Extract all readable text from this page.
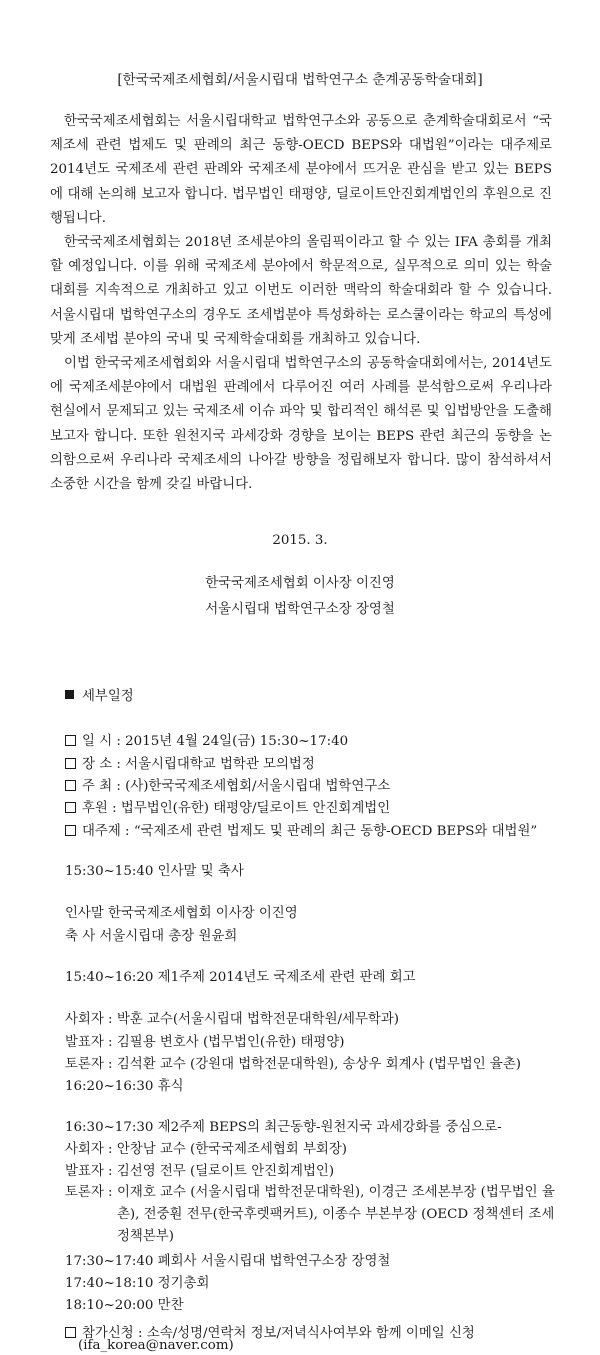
[한국국제조세협회/서울시립대 법학연구소 춘계공동학술대회]

한국국제조세협회는 서울시립대학교 법학연구소와 공동으로 춘계학술대회로서 “국제조세 관련 법제도 및 판례의 최근 동향-OECD BEPS와 대법원”이라는 대주제로 2014년도 국제조세 관련 판례와 국제조세 분야에서 뜨거운 관심을 받고 있는 BEPS에 대해 논의해 보고자 합니다. 법무법인 태평양, 딜로이트안진회계법인의 후원으로 진행됩니다.

한국국제조세협회는 2018년 조세분야의 올림픽이라고 할 수 있는 IFA 총회를 개최할 예정입니다. 이를 위해 국제조세 분야에서 학문적으로, 실무적으로 의미 있는 학술대회를 지속적으로 개최하고 있고 이번도 이러한 맥락의 학술대회라 할 수 있습니다. 서울시립대 법학연구소의 경우도 조세법분야 특성화하는 로스쿨이라는 학교의 특성에 맞게 조세법 분야의 국내 및 국제학술대회를 개최하고 있습니다.

이법 한국국제조세협회와 서울시립대 법학연구소의 공동학술대회에서는, 2014년도에 국제조세분야에서 대법원 판례에서 다루어진 여러 사례를 분석함으로써 우리나라 현실에서 문제되고 있는 국제조세 이슈 파악 및 합리적인 해석론 및 입법방안을 도출해 보고자 합니다. 또한 원천지국 과세강화 경향을 보이는 BEPS 관련 최근의 동향을 논의함으로써 우리나라 국제조세의 나아갈 방향을 정립해보자 합니다. 많이 참석하셔서 소중한 시간을 함께 갖길 바랍니다.

2015. 3.
한국국제조세협회 이사장 이진영
서울시립대 법학연구소장 장영철
세부일정
일 시 : 2015년 4월 24일(금) 15:30~17:40
장 소 : 서울시립대학교 법학관 모의법정
주 최 : (사)한국국제조세협회/서울시립대 법학연구소
후원 : 법무법인(유한) 태평양/딜로이트 안진회계법인
대주제 : “국제조세 관련 법제도 및 판례의 최근 동향-OECD BEPS와 대법원”
15:30~15:40 인사말 및 축사
인사말 한국국제조세협회 이사장 이진영
축 사 서울시립대 총장 원윤희
15:40~16:20 제1주제 2014년도 국제조세 관련 판례 회고
사회자 : 박훈 교수(서울시립대 법학전문대학원/세무학과)
발표자 : 김필용 변호사 (법무법인(유한) 태평양)
토론자 : 김석환 교수 (강원대 법학전문대학원), 송상우 회계사 (법무법인 율촌)
16:20~16:30 휴식
16:30~17:30 제2주제 BEPS의 최근동향-원천지국 과세강화를 중심으로-
사회자 : 안창남 교수 (한국국제조세협회 부회장)
발표자 : 김선영 전무 (딜로이트 안진회계법인)
토론자 : 이재호 교수 (서울시립대 법학전문대학원), 이경근 조세본부장 (법무법인 율촌), 전중훤 전무(한국후렛팩커트), 이종수 부본부장 (OECD 정책센터 조세정책본부)
17:30~17:40 폐회사 서울시립대 법학연구소장 장영철
17:40~18:10 정기총회
18:10~20:00 만찬
참가신청 : 소속/성명/연락처 정보/저녁식사여부와 함께 이메일 신청
(ifa_korea@naver.com)
